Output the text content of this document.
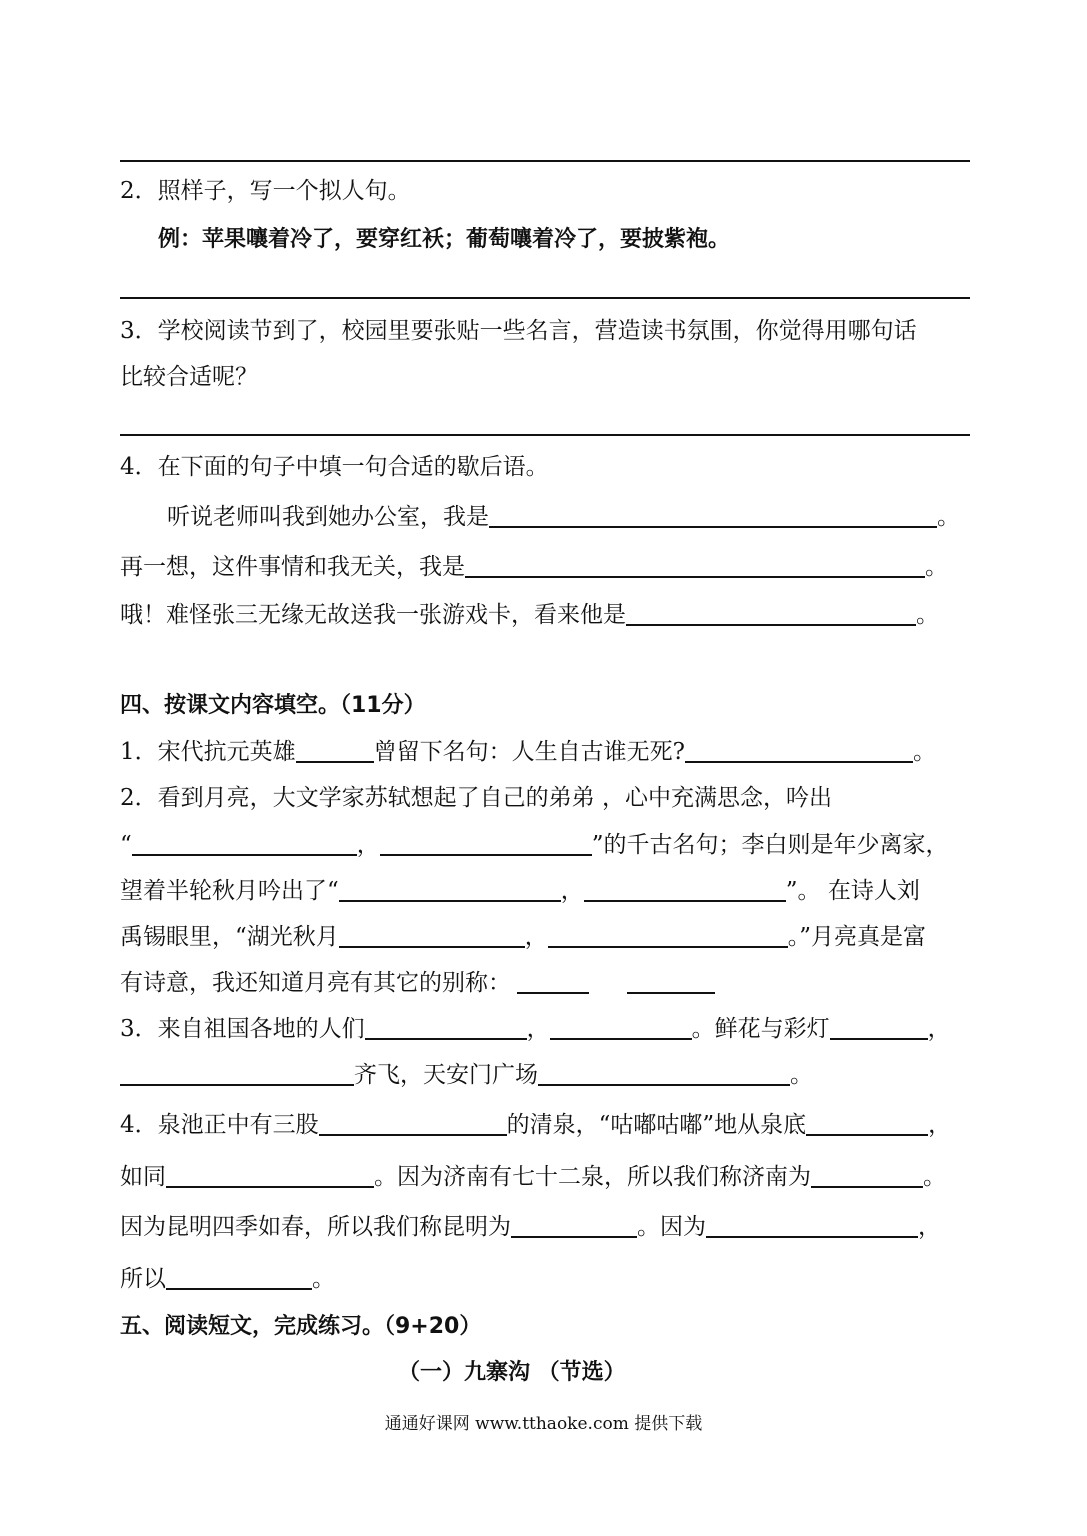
2．照样子，写一个拟人句。
例：苹果嚷着冷了，要穿红袄；葡萄嚷着冷了，要披紫袍。
3．学校阅读节到了，校园里要张贴一些名言，营造读书氛围，你觉得用哪句话
比较合适呢？
4．在下面的句子中填一句合适的歇后语。
听说老师叫我到她办公室，我是	。
再一想，这件事情和我无关，我是	。
哦！难怪张三无缘无故送我一张游戏卡，看来他是	。
四、按课文内容填空。（11分）
1．宋代抗元英雄	曾留下名句：人生自古谁无死?	。
2．看到月亮，大文学家苏轼想起了自己的弟弟 ，心中充满思念，吟出
“	，	”的千古名句；李白则是年少离家，
望着半轮秋月吟出了“	，	”。 在诗人刘
禹锡眼里，“湖光秋月	，	。”月亮真是富
有诗意，我还知道月亮有其它的别称：
3．来自祖国各地的人们	，	。鲜花与彩灯	，
齐飞，天安门广场	。
4．泉池正中有三股	的清泉，“咕嘟咕嘟”地从泉底	，
如同	。因为济南有七十二泉，所以我们称济南为	。
因为昆明四季如春，所以我们称昆明为	。因为	，
所以	。
五、阅读短文，完成练习。（9+20）
（一）九寨沟 （节选）
通通好课网 www.tthaoke.com 提供下载
